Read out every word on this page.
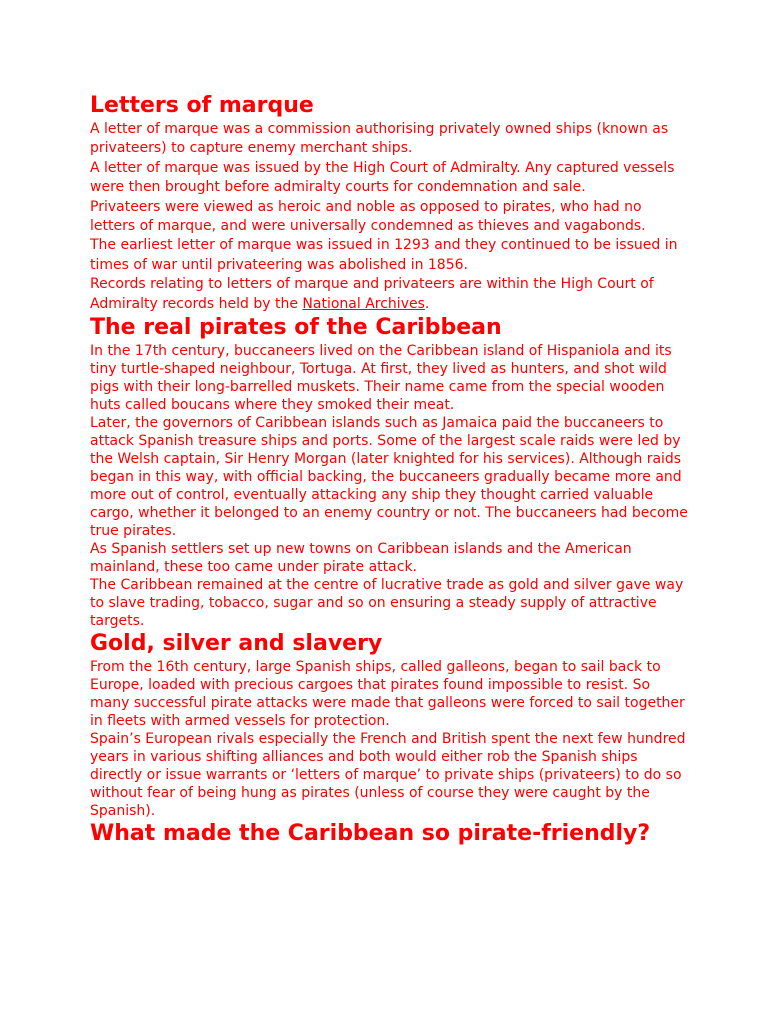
Letters of marque

A letter of marque was a commission authorising privately owned ships (known as privateers) to capture enemy merchant ships.

A letter of marque was issued by the High Court of Admiralty. Any captured vessels were then brought before admiralty courts for condemnation and sale.

Privateers were viewed as heroic and noble as opposed to pirates, who had no letters of marque, and were universally condemned as thieves and vagabonds.

The earliest letter of marque was issued in 1293 and they continued to be issued in times of war until privateering was abolished in 1856.

Records relating to letters of marque and privateers are within the High Court of Admiralty records held by the National Archives.

The real pirates of the Caribbean

In the 17th century, buccaneers lived on the Caribbean island of Hispaniola and its tiny turtle-shaped neighbour, Tortuga. At first, they lived as hunters, and shot wild pigs with their long-barrelled muskets. Their name came from the special wooden huts called boucans where they smoked their meat.

Later, the governors of Caribbean islands such as Jamaica paid the buccaneers to attack Spanish treasure ships and ports. Some of the largest scale raids were led by the Welsh captain, Sir Henry Morgan (later knighted for his services). Although raids began in this way, with official backing, the buccaneers gradually became more and more out of control, eventually attacking any ship they thought carried valuable cargo, whether it belonged to an enemy country or not. The buccaneers had become true pirates.

As Spanish settlers set up new towns on Caribbean islands and the American mainland, these too came under pirate attack.

The Caribbean remained at the centre of lucrative trade as gold and silver gave way to slave trading, tobacco, sugar and so on ensuring a steady supply of attractive targets.

Gold, silver and slavery

From the 16th century, large Spanish ships, called galleons, began to sail back to Europe, loaded with precious cargoes that pirates found impossible to resist. So many successful pirate attacks were made that galleons were forced to sail together in fleets with armed vessels for protection.

Spain’s European rivals especially the French and British spent the next few hundred years in various shifting alliances and both would either rob the Spanish ships directly or issue warrants or ‘letters of marque’ to private ships (privateers) to do so without fear of being hung as pirates (unless of course they were caught by the Spanish).

What made the Caribbean so pirate-friendly?
